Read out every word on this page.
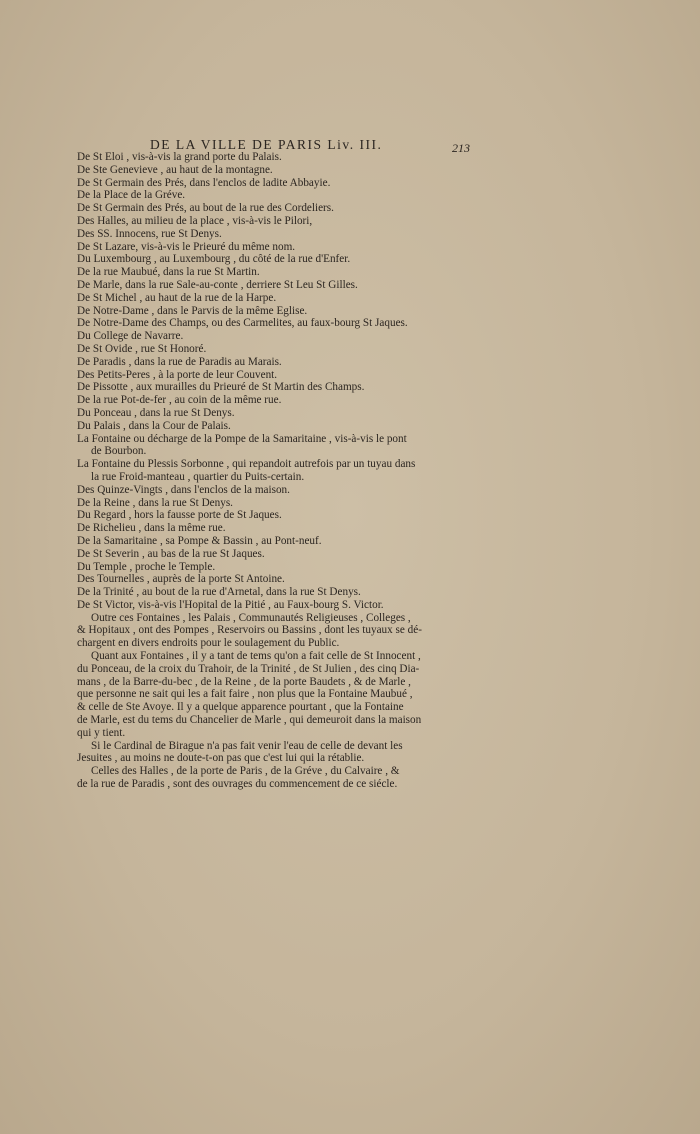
DE LA VILLE DE PARIS Liv. III.	213

De St Eloi , vis-à-vis la grand porte du Palais.

De Ste Genevieve , au haut de la montagne.

De St Germain des Prés, dans l'enclos de ladite Abbayie.

De la Place de la Gréve.

De St Germain des Prés, au bout de la rue des Cordeliers.

Des Halles, au milieu de la place , vis-à-vis le Pilori,

Des SS. Innocens, rue St Denys.

De St Lazare, vis-à-vis le Prieuré du même nom.

Du Luxembourg , au Luxembourg , du côté de la rue d'Enfer.

De la rue Maubué, dans la rue St Martin.

De Marle, dans la rue Sale-au-conte , derriere St Leu St Gilles.

De St Michel , au haut de la rue de la Harpe.

De Notre-Dame , dans le Parvis de la même Eglise.

De Notre-Dame des Champs, ou des Carmelites, au faux-bourg St Jaques.

Du College de Navarre.

De St Ovide , rue St Honoré.

De Paradis , dans la rue de Paradis au Marais.

Des Petits-Peres , à la porte de leur Couvent.

De Pissotte , aux murailles du Prieuré de St Martin des Champs.

De la rue Pot-de-fer , au coin de la même rue.

Du Ponceau , dans la rue St Denys.

Du Palais , dans la Cour de Palais.

La Fontaine ou décharge de la Pompe de la Samaritaine , vis-à-vis le pont

de Bourbon.

La Fontaine du Plessis Sorbonne , qui repandoit autrefois par un tuyau dans

la rue Froid-manteau , quartier du Puits-certain.

Des Quinze-Vingts , dans l'enclos de la maison.

De la Reine , dans la rue St Denys.

Du Regard , hors la fausse porte de St Jaques.

De Richelieu , dans la même rue.

De la Samaritaine , sa Pompe & Bassin , au Pont-neuf.

De St Severin , au bas de la rue St Jaques.

Du Temple , proche le Temple.

Des Tournelles , auprès de la porte St Antoine.

De la Trinité , au bout de la rue d'Arnetal, dans la rue St Denys.

De St Victor, vis-à-vis l'Hopital de la Pitié , au Faux-bourg S. Victor.

Outre ces Fontaines , les Palais , Communautés Religieuses , Colleges ,
& Hopitaux , ont des Pompes , Reservoirs ou Bassins , dont les tuyaux se dé-
chargent en divers endroits pour le soulagement du Public.
Quant aux Fontaines , il y a tant de tems qu'on a fait celle de St Innocent ,
du Ponceau, de la croix du Trahoir, de la Trinité , de St Julien , des cinq Dia-
mans , de la Barre-du-bec , de la Reine , de la porte Baudets , & de Marle ,
que personne ne sait qui les a fait faire , non plus que la Fontaine Maubué ,
& celle de Ste Avoye. Il y a quelque apparence pourtant , que la Fontaine
de Marle, est du tems du Chancelier de Marle , qui demeuroit dans la maison
qui y tient.
Si le Cardinal de Birague n'a pas fait venir l'eau de celle de devant les
Jesuites , au moins ne doute-t-on pas que c'est lui qui la rétablie.
Celles des Halles , de la porte de Paris , de la Gréve , du Calvaire , &
de la rue de Paradis , sont des ouvrages du commencement de ce siécle.
